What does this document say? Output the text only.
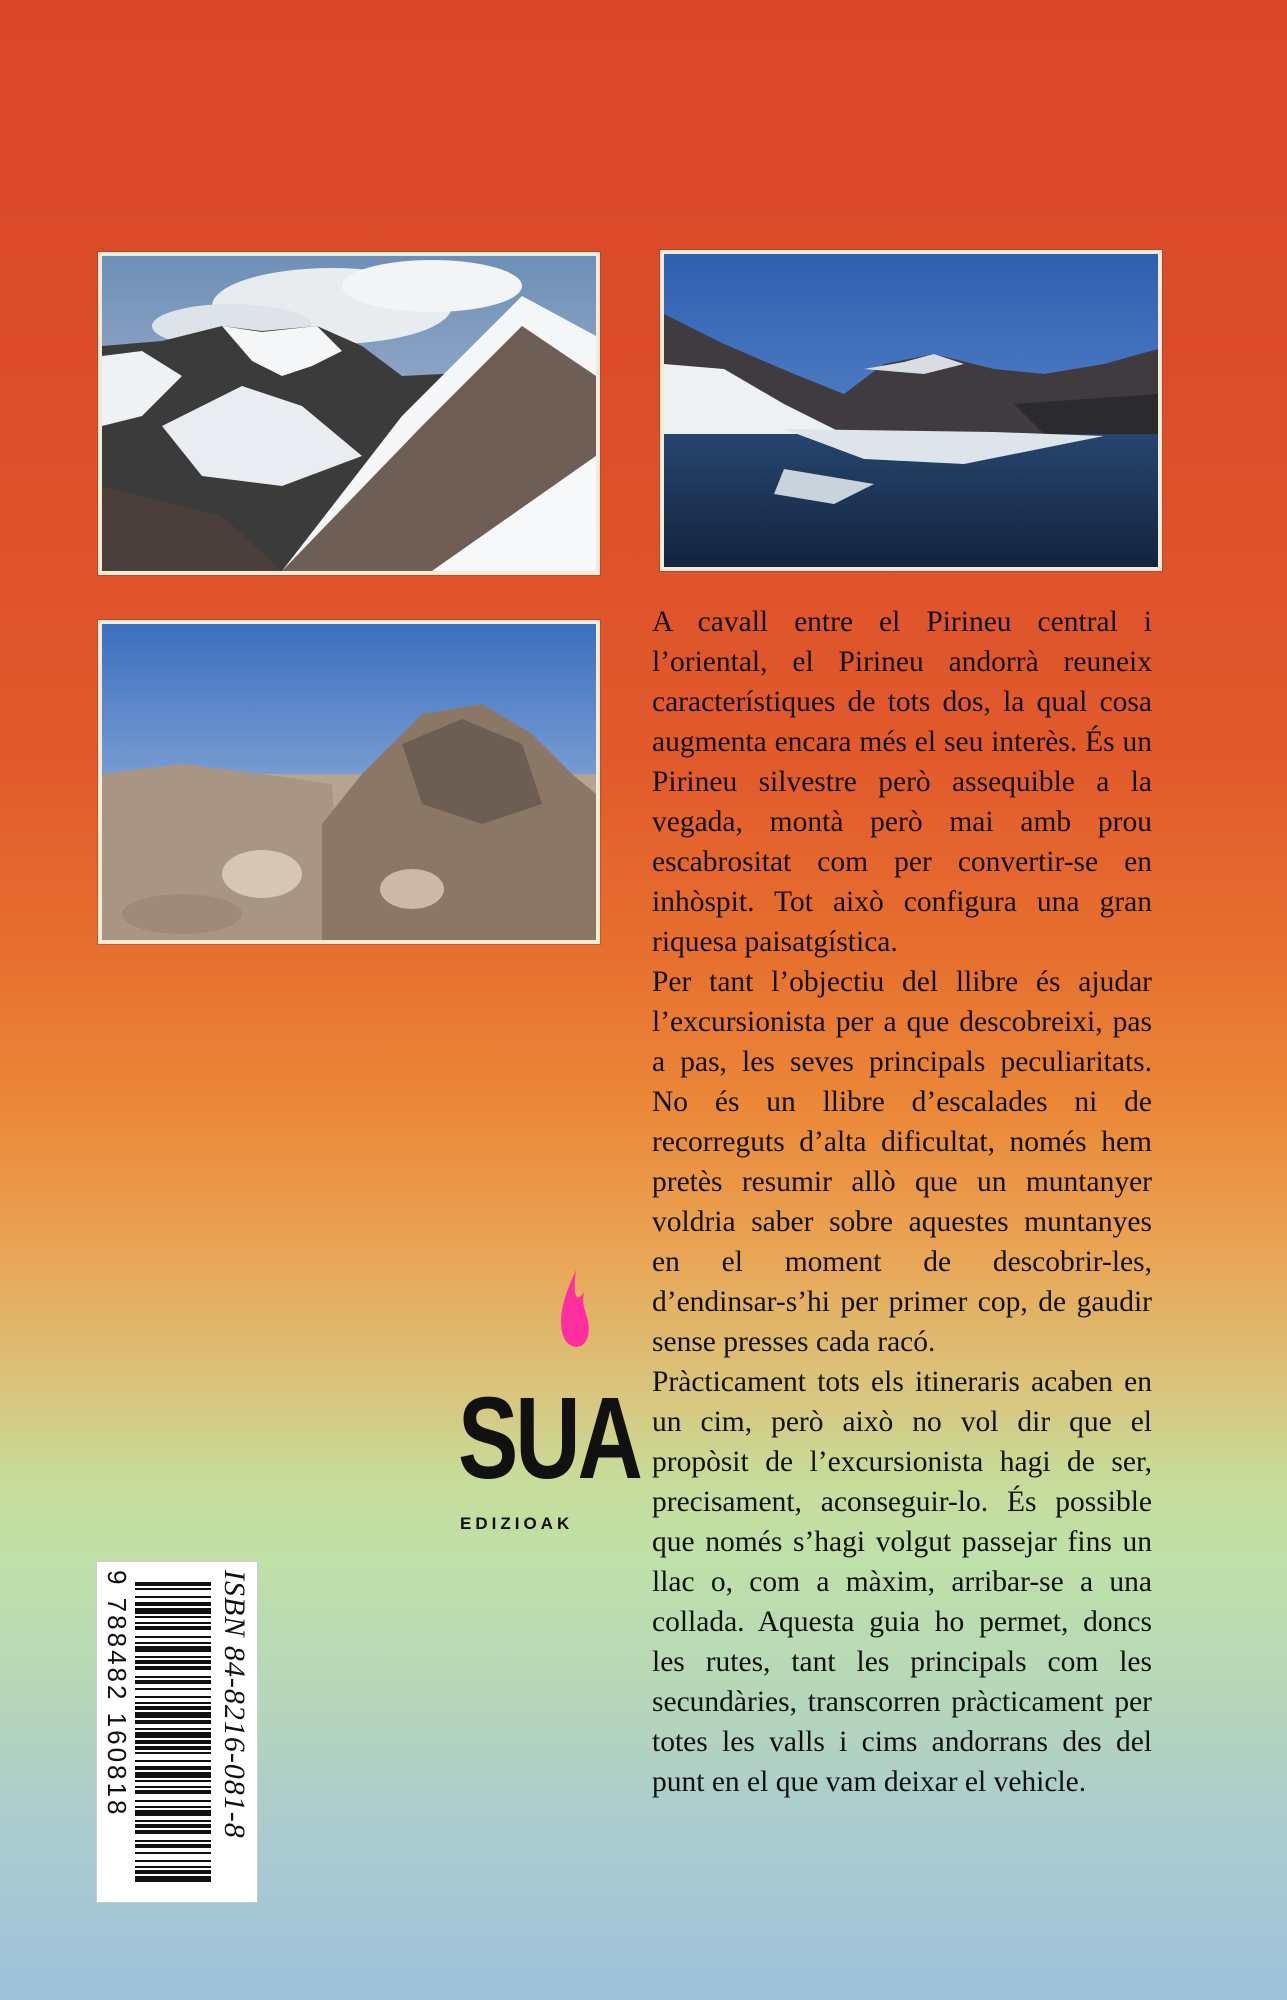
A cavall entre el Pirineu central i l’oriental, el Pirineu andorrà reuneix característiques de tots dos, la qual cosa augmenta encara més el seu interès. És un Pirineu silvestre però assequible a la vegada, montà però mai amb prou escabrositat com per convertir-se en inhòspit. Tot això configura una gran riquesa paisatgística.

Per tant l’objectiu del llibre és ajudar l’excursionista per a que descobreixi, pas a pas, les seves principals peculiaritats. No és un llibre d’escalades ni de recorreguts d’alta dificultat, només hem pretès resumir allò que un muntanyer voldria saber sobre aquestes muntanyes en el moment de descobrir-les, d’endinsar-s’hi per primer cop, de gaudir sense presses cada racó.

Pràcticament tots els itineraris acaben en un cim, però això no vol dir que el propòsit de l’excursionista hagi de ser, precisament, aconseguir-lo. És possible que només s’hagi volgut passejar fins un llac o, com a màxim, arribar-se a una collada. Aquesta guia ho permet, doncs les rutes, tant les principals com les secundàries, transcorren pràcticament per totes les valls i cims andorrans des del punt en el que vam deixar el vehicle.

SUA
EDIZIOAK
ISBN 84-8216-081-8
9 788482 160818
